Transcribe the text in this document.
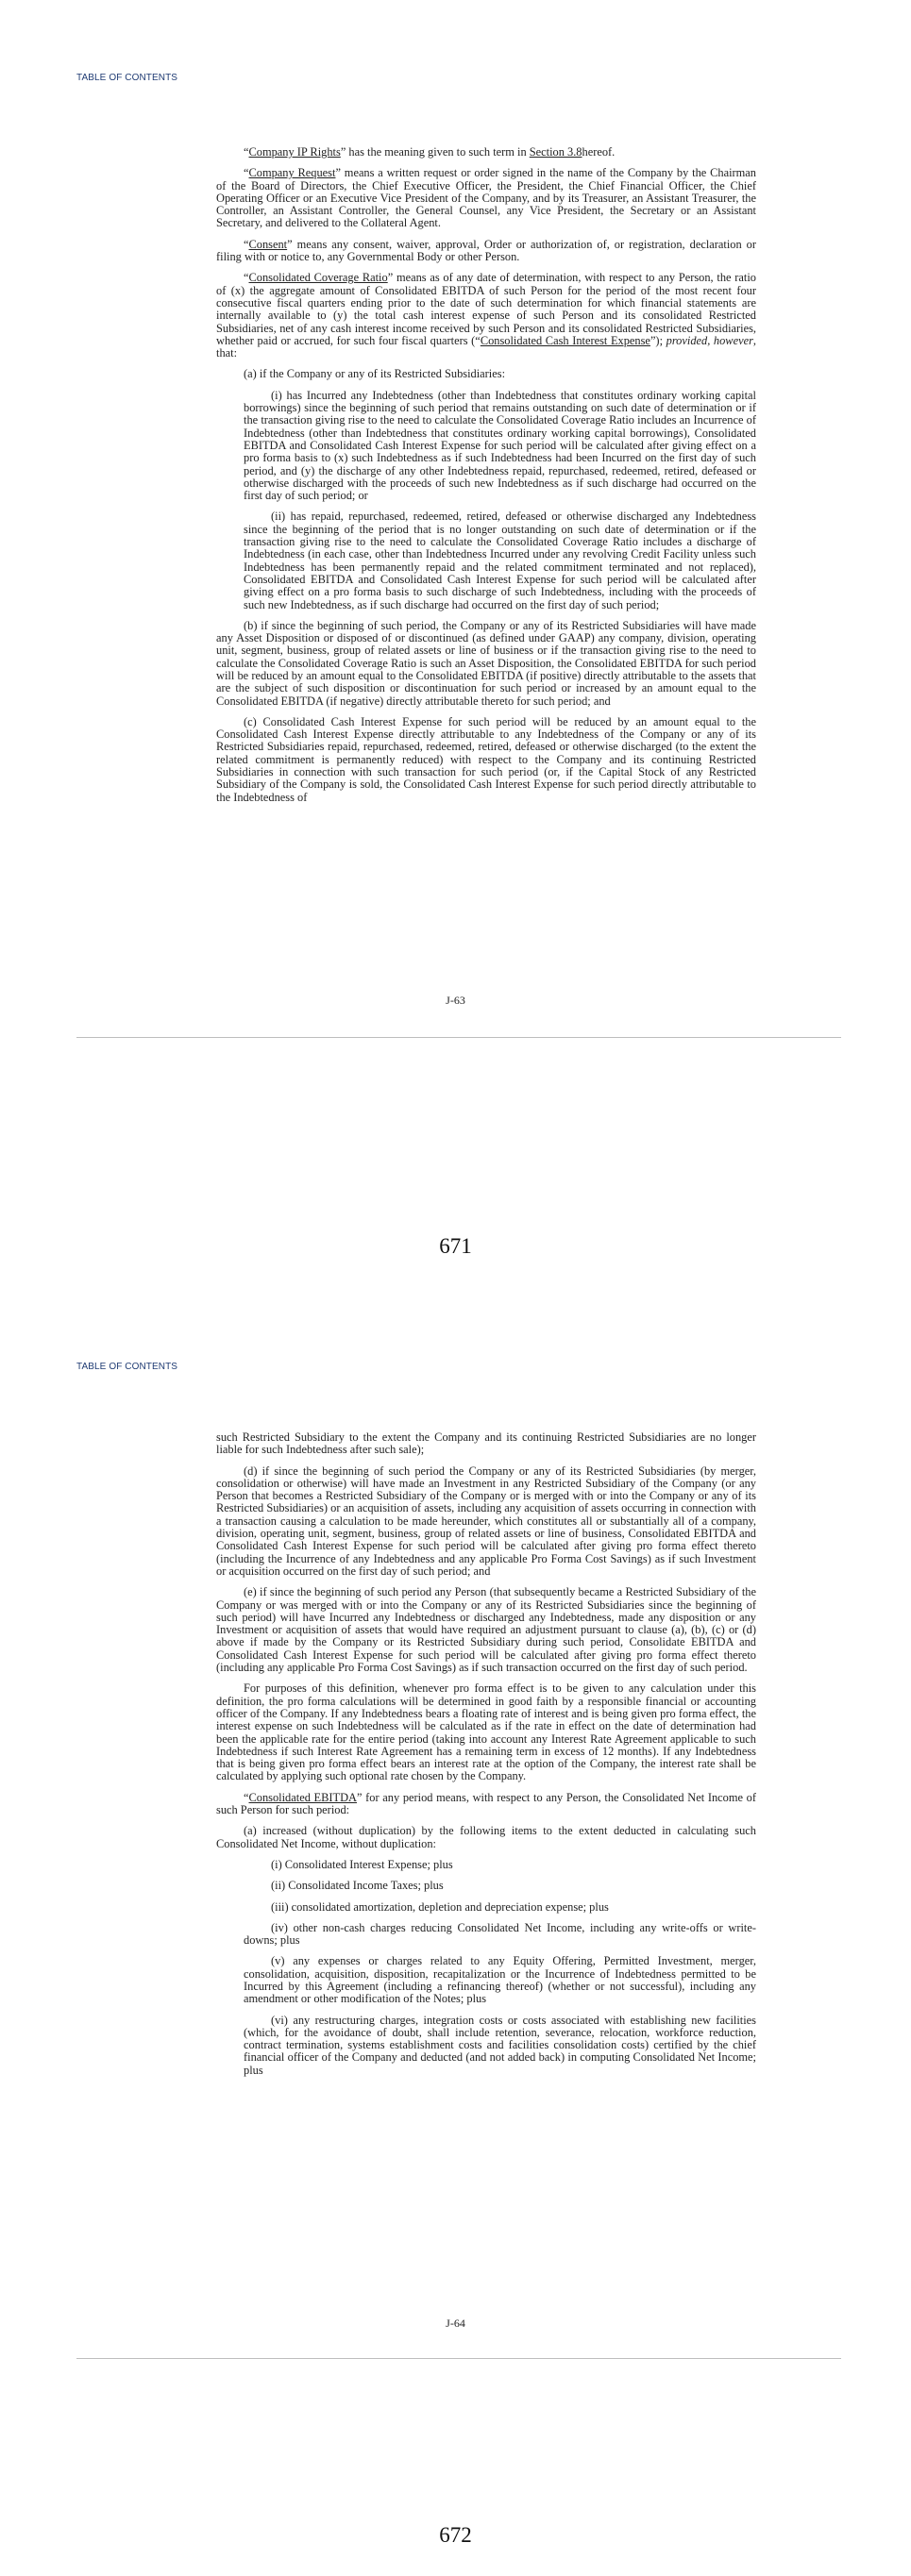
TABLE OF CONTENTS

“Company IP Rights” has the meaning given to such term in Section 3.8hereof.

“Company Request” means a written request or order signed in the name of the Company by the Chairman of the Board of Directors, the Chief Executive Officer, the President, the Chief Financial Officer, the Chief Operating Officer or an Executive Vice President of the Company, and by its Treasurer, an Assistant Treasurer, the Controller, an Assistant Controller, the General Counsel, any Vice President, the Secretary or an Assistant Secretary, and delivered to the Collateral Agent.

“Consent” means any consent, waiver, approval, Order or authorization of, or registration, declaration or filing with or notice to, any Governmental Body or other Person.

“Consolidated Coverage Ratio” means as of any date of determination, with respect to any Person, the ratio of (x) the aggregate amount of Consolidated EBITDA of such Person for the period of the most recent four consecutive fiscal quarters ending prior to the date of such determination for which financial statements are internally available to (y) the total cash interest expense of such Person and its consolidated Restricted Subsidiaries, net of any cash interest income received by such Person and its consolidated Restricted Subsidiaries, whether paid or accrued, for such four fiscal quarters (“Consolidated Cash Interest Expense”); provided, however, that:

(a) if the Company or any of its Restricted Subsidiaries:

(i) has Incurred any Indebtedness (other than Indebtedness that constitutes ordinary working capital borrowings) since the beginning of such period that remains outstanding on such date of determination or if the transaction giving rise to the need to calculate the Consolidated Coverage Ratio includes an Incurrence of Indebtedness (other than Indebtedness that constitutes ordinary working capital borrowings), Consolidated EBITDA and Consolidated Cash Interest Expense for such period will be calculated after giving effect on a pro forma basis to (x) such Indebtedness as if such Indebtedness had been Incurred on the first day of such period, and (y) the discharge of any other Indebtedness repaid, repurchased, redeemed, retired, defeased or otherwise discharged with the proceeds of such new Indebtedness as if such discharge had occurred on the first day of such period; or

(ii) has repaid, repurchased, redeemed, retired, defeased or otherwise discharged any Indebtedness since the beginning of the period that is no longer outstanding on such date of determination or if the transaction giving rise to the need to calculate the Consolidated Coverage Ratio includes a discharge of Indebtedness (in each case, other than Indebtedness Incurred under any revolving Credit Facility unless such Indebtedness has been permanently repaid and the related commitment terminated and not replaced), Consolidated EBITDA and Consolidated Cash Interest Expense for such period will be calculated after giving effect on a pro forma basis to such discharge of such Indebtedness, including with the proceeds of such new Indebtedness, as if such discharge had occurred on the first day of such period;

(b) if since the beginning of such period, the Company or any of its Restricted Subsidiaries will have made any Asset Disposition or disposed of or discontinued (as defined under GAAP) any company, division, operating unit, segment, business, group of related assets or line of business or if the transaction giving rise to the need to calculate the Consolidated Coverage Ratio is such an Asset Disposition, the Consolidated EBITDA for such period will be reduced by an amount equal to the Consolidated EBITDA (if positive) directly attributable to the assets that are the subject of such disposition or discontinuation for such period or increased by an amount equal to the Consolidated EBITDA (if negative) directly attributable thereto for such period; and

(c) Consolidated Cash Interest Expense for such period will be reduced by an amount equal to the Consolidated Cash Interest Expense directly attributable to any Indebtedness of the Company or any of its Restricted Subsidiaries repaid, repurchased, redeemed, retired, defeased or otherwise discharged (to the extent the related commitment is permanently reduced) with respect to the Company and its continuing Restricted Subsidiaries in connection with such transaction for such period (or, if the Capital Stock of any Restricted Subsidiary of the Company is sold, the Consolidated Cash Interest Expense for such period directly attributable to the Indebtedness of

J-63
671
TABLE OF CONTENTS

such Restricted Subsidiary to the extent the Company and its continuing Restricted Subsidiaries are no longer liable for such Indebtedness after such sale);

(d) if since the beginning of such period the Company or any of its Restricted Subsidiaries (by merger, consolidation or otherwise) will have made an Investment in any Restricted Subsidiary of the Company (or any Person that becomes a Restricted Subsidiary of the Company or is merged with or into the Company or any of its Restricted Subsidiaries) or an acquisition of assets, including any acquisition of assets occurring in connection with a transaction causing a calculation to be made hereunder, which constitutes all or substantially all of a company, division, operating unit, segment, business, group of related assets or line of business, Consolidated EBITDA and Consolidated Cash Interest Expense for such period will be calculated after giving pro forma effect thereto (including the Incurrence of any Indebtedness and any applicable Pro Forma Cost Savings) as if such Investment or acquisition occurred on the first day of such period; and

(e) if since the beginning of such period any Person (that subsequently became a Restricted Subsidiary of the Company or was merged with or into the Company or any of its Restricted Subsidiaries since the beginning of such period) will have Incurred any Indebtedness or discharged any Indebtedness, made any disposition or any Investment or acquisition of assets that would have required an adjustment pursuant to clause (a), (b), (c) or (d) above if made by the Company or its Restricted Subsidiary during such period, Consolidate EBITDA and Consolidated Cash Interest Expense for such period will be calculated after giving pro forma effect thereto (including any applicable Pro Forma Cost Savings) as if such transaction occurred on the first day of such period.

For purposes of this definition, whenever pro forma effect is to be given to any calculation under this definition, the pro forma calculations will be determined in good faith by a responsible financial or accounting officer of the Company. If any Indebtedness bears a floating rate of interest and is being given pro forma effect, the interest expense on such Indebtedness will be calculated as if the rate in effect on the date of determination had been the applicable rate for the entire period (taking into account any Interest Rate Agreement applicable to such Indebtedness if such Interest Rate Agreement has a remaining term in excess of 12 months). If any Indebtedness that is being given pro forma effect bears an interest rate at the option of the Company, the interest rate shall be calculated by applying such optional rate chosen by the Company.

“Consolidated EBITDA” for any period means, with respect to any Person, the Consolidated Net Income of such Person for such period:

(a) increased (without duplication) by the following items to the extent deducted in calculating such Consolidated Net Income, without duplication:

(i) Consolidated Interest Expense; plus

(ii) Consolidated Income Taxes; plus

(iii) consolidated amortization, depletion and depreciation expense; plus

(iv) other non-cash charges reducing Consolidated Net Income, including any write-offs or write-downs; plus

(v) any expenses or charges related to any Equity Offering, Permitted Investment, merger, consolidation, acquisition, disposition, recapitalization or the Incurrence of Indebtedness permitted to be Incurred by this Agreement (including a refinancing thereof) (whether or not successful), including any amendment or other modification of the Notes; plus

(vi) any restructuring charges, integration costs or costs associated with establishing new facilities (which, for the avoidance of doubt, shall include retention, severance, relocation, workforce reduction, contract termination, systems establishment costs and facilities consolidation costs) certified by the chief financial officer of the Company and deducted (and not added back) in computing Consolidated Net Income; plus

J-64
672
